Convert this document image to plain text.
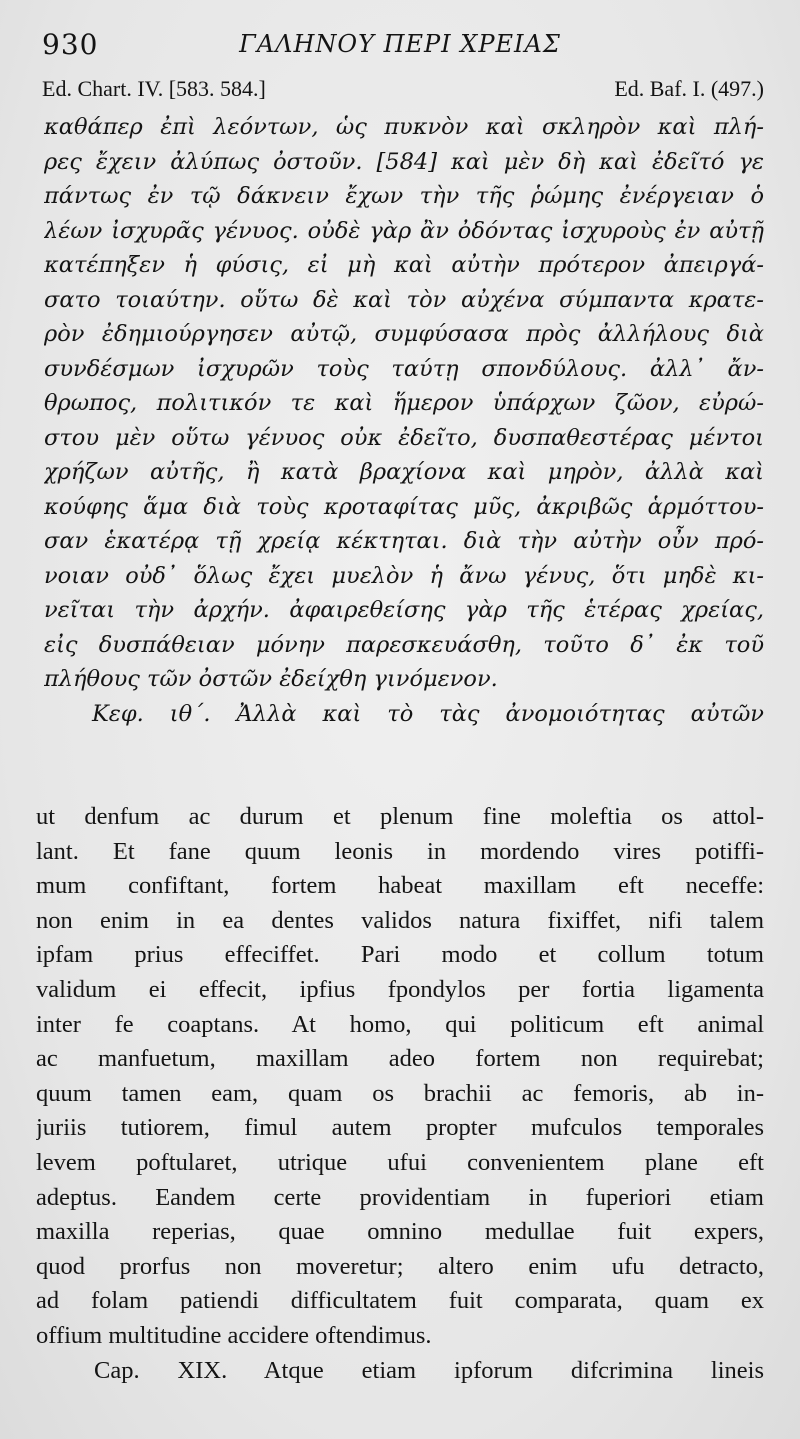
930	ΓΑΛΗΝΟΥ ΠΕΡΙ ΧΡΕΙΑΣ
Ed. Chart. IV. [583. 584.]	Ed. Baf. I. (497.)
καθάπερ ἐπὶ λεόντων, ὡς πυκνὸν καὶ σκληρὸν καὶ πλή-
ρες ἔχειν ἀλύπως ὀστοῦν. [584] καὶ μὲν δὴ καὶ ἐδεῖτό γε
πάντως ἐν τῷ δάκνειν ἔχων τὴν τῆς ῥώμης ἐνέργειαν ὁ
λέων ἰσχυρᾶς γένυος. οὐδὲ γὰρ ἂν ὀδόντας ἰσχυροὺς ἐν αὐτῇ
κατέπηξεν ἡ φύσις, εἰ μὴ καὶ αὐτὴν πρότερον ἀπειργά-
σατο τοιαύτην. οὕτω δὲ καὶ τὸν αὐχένα σύμπαντα κρατε-
ρὸν ἐδημιούργησεν αὐτῷ, συμφύσασα πρὸς ἀλλήλους διὰ
συνδέσμων ἰσχυρῶν τοὺς ταύτῃ σπονδύλους. ἀλλ᾽ ἄν-
θρωπος, πολιτικόν τε καὶ ἥμερον ὑπάρχων ζῶον, εὐρώ-
στου μὲν οὕτω γένυος οὐκ ἐδεῖτο, δυσπαθεστέρας μέντοι
χρήζων αὐτῆς, ἢ κατὰ βραχίονα καὶ μηρὸν, ἀλλὰ καὶ
κούφης ἅμα διὰ τοὺς κροταφίτας μῦς, ἀκριβῶς ἁρμόττου-
σαν ἑκατέρᾳ τῇ χρείᾳ κέκτηται. διὰ τὴν αὐτὴν οὖν πρό-
νοιαν οὐδ᾽ ὅλως ἔχει μυελὸν ἡ ἄνω γένυς, ὅτι μηδὲ κι-
νεῖται τὴν ἀρχήν. ἀφαιρεθείσης γὰρ τῆς ἑτέρας χρείας,
εἰς δυσπάθειαν μόνην παρεσκευάσθη, τοῦτο δ᾽ ἐκ τοῦ
πλήθους τῶν ὀστῶν ἐδείχθη γινόμενον.
Κεφ. ιθ΄. Ἀλλὰ καὶ τὸ τὰς ἀνομοιότητας αὐτῶν
ut denfum ac durum et plenum fine moleftia os attol-
lant. Et fane quum leonis in mordendo vires potiffi-
mum confiftant, fortem habeat maxillam eft neceffe:
non enim in ea dentes validos natura fixiffet, nifi talem
ipfam prius effeciffet. Pari modo et collum totum
validum ei effecit, ipfius fpondylos per fortia ligamenta
inter fe coaptans. At homo, qui politicum eft animal
ac manfuetum, maxillam adeo fortem non requirebat;
quum tamen eam, quam os brachii ac femoris, ab in-
juriis tutiorem, fimul autem propter mufculos temporales
levem poftularet, utrique ufui convenientem plane eft
adeptus. Eandem certe providentiam in fuperiori etiam
maxilla reperias, quae omnino medullae fuit expers,
quod prorfus non moveretur; altero enim ufu detracto,
ad folam patiendi difficultatem fuit comparata, quam ex
offium multitudine accidere oftendimus.
Cap. XIX. Atque etiam ipforum difcrimina lineis
